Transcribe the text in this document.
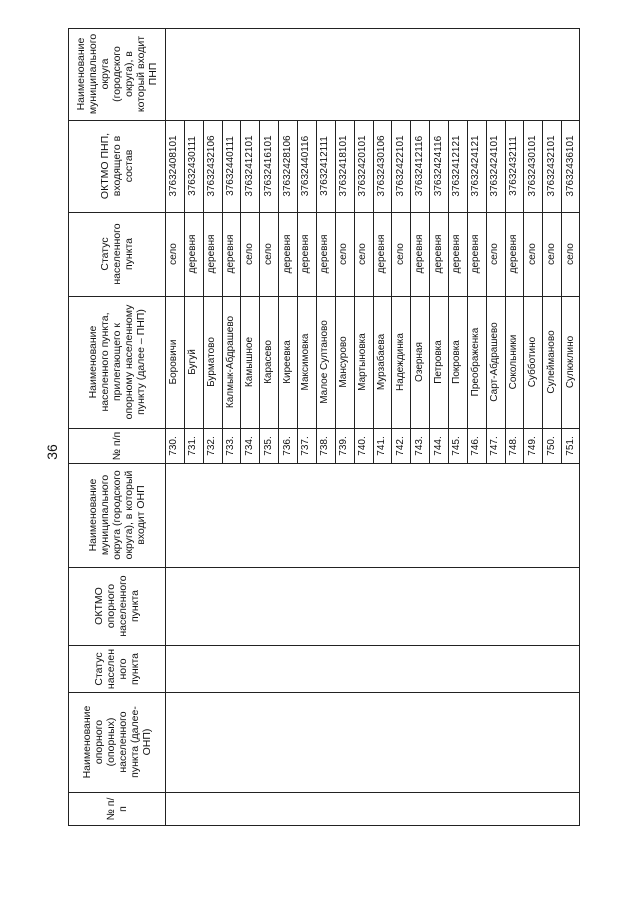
36
Наименование муниципального округа (городского округа), в который входит ПНП
ОКТМО ПНП, входящего в состав
Статус населенного пункта
Наименование населенного пункта, прилегающего к опорному населенному пункту (далее – ПНП)
№ п/п
Наименование муниципального округа (городского округа), в который входит ОНП
ОКТМО опорного населенного пункта
Статус населен ного пункта
Наименование опорного (опорных) населенного пункта (далее-ОНП)
№ п/п
37632408101
село
Боровичи
730.
37632430111
деревня
Бугуй
731.
37632432106
деревня
Бурматово
732.
37632440111
деревня
Калмык-Абдрашево
733.
37632412101
село
Камышное
734.
37632416101
село
Карасево
735.
37632428106
деревня
Киреевка
736.
37632440116
деревня
Максимовка
737.
37632412111
деревня
Малое Султаново
738.
37632418101
село
Мансурово
739.
37632420101
село
Мартыновка
740.
37632430106
деревня
Мурзабаева
741.
37632422101
село
Надеждинка
742.
37632412116
деревня
Озерная
743.
37632424116
деревня
Петровка
744.
37632412121
деревня
Покровка
745.
37632424121
деревня
Преображенка
746.
37632424101
село
Сарт-Абдрашево
747.
37632432111
деревня
Сокольники
748.
37632430101
село
Субботино
749.
37632432101
село
Сулейманово
750.
37632436101
село
Сулюклино
751.
